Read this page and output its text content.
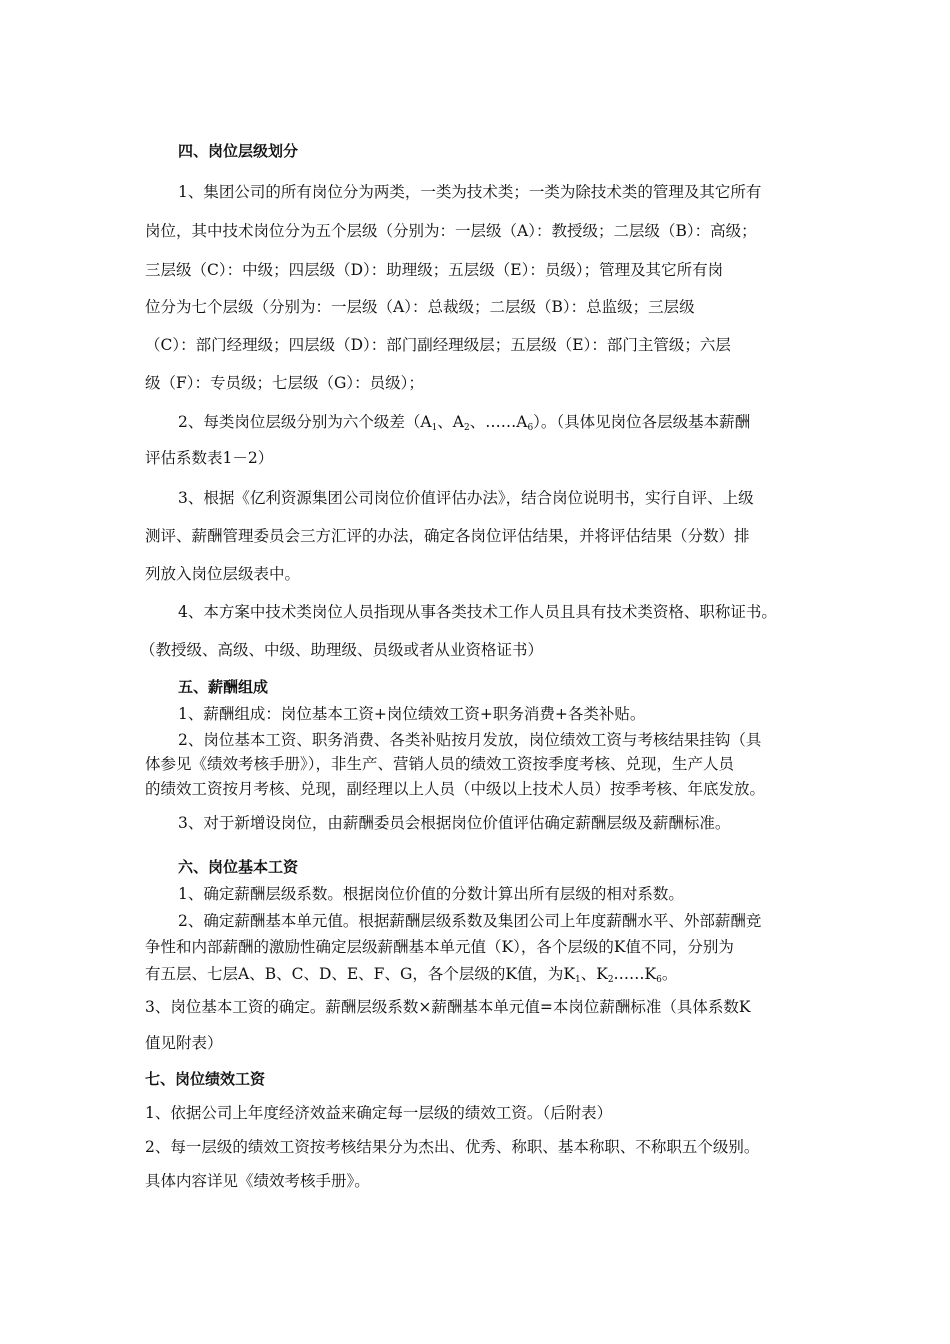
四、岗位层级划分
1、集团公司的所有岗位分为两类，一类为技术类；一类为除技术类的管理及其它所有
岗位，其中技术岗位分为五个层级（分别为：一层级（A）：教授级；二层级（B）：高级；
三层级（C）：中级；四层级（D）：助理级；五层级（E）：员级）；管理及其它所有岗
位分为七个层级（分别为：一层级（A）：总裁级；二层级（B）：总监级；三层级
（C）：部门经理级；四层级（D）：部门副经理级层；五层级（E）：部门主管级；六层
级（F）：专员级；七层级（G）：员级）；
2、每类岗位层级分别为六个级差（$A_1$、$A_2$、$\dots\dots A_6$）。（具体见岗位各层级基本薪酬
评估系数表1－2）
3、根据《亿利资源集团公司岗位价值评估办法》，结合岗位说明书，实行自评、上级
测评、薪酬管理委员会三方汇评的办法，确定各岗位评估结果，并将评估结果（分数）排
列放入岗位层级表中。
4、本方案中技术类岗位人员指现从事各类技术工作人员且具有技术类资格、职称证书。
（教授级、高级、中级、助理级、员级或者从业资格证书）
五、薪酬组成
1、薪酬组成：岗位基本工资+岗位绩效工资+职务消费+各类补贴。
2、岗位基本工资、职务消费、各类补贴按月发放，岗位绩效工资与考核结果挂钩（具
体参见《绩效考核手册》），非生产、营销人员的绩效工资按季度考核、兑现，生产人员
的绩效工资按月考核、兑现，副经理以上人员（中级以上技术人员）按季考核、年底发放。
3、对于新增设岗位，由薪酬委员会根据岗位价值评估确定薪酬层级及薪酬标准。
六、岗位基本工资
1、确定薪酬层级系数。根据岗位价值的分数计算出所有层级的相对系数。
2、确定薪酬基本单元值。根据薪酬层级系数及集团公司上年度薪酬水平、外部薪酬竞
争性和内部薪酬的激励性确定层级薪酬基本单元值（K），各个层级的K值不同，分别为
有五层、七层A、B、C、D、E、F、G，各个层级的K值，为$K_1$、$K_2\dots\dots K_6$。
3、岗位基本工资的确定。薪酬层级系数×薪酬基本单元值=本岗位薪酬标准（具体系数K
值见附表）
七、岗位绩效工资
1、依据公司上年度经济效益来确定每一层级的绩效工资。（后附表）
2、每一层级的绩效工资按考核结果分为杰出、优秀、称职、基本称职、不称职五个级别。
具体内容详见《绩效考核手册》。
